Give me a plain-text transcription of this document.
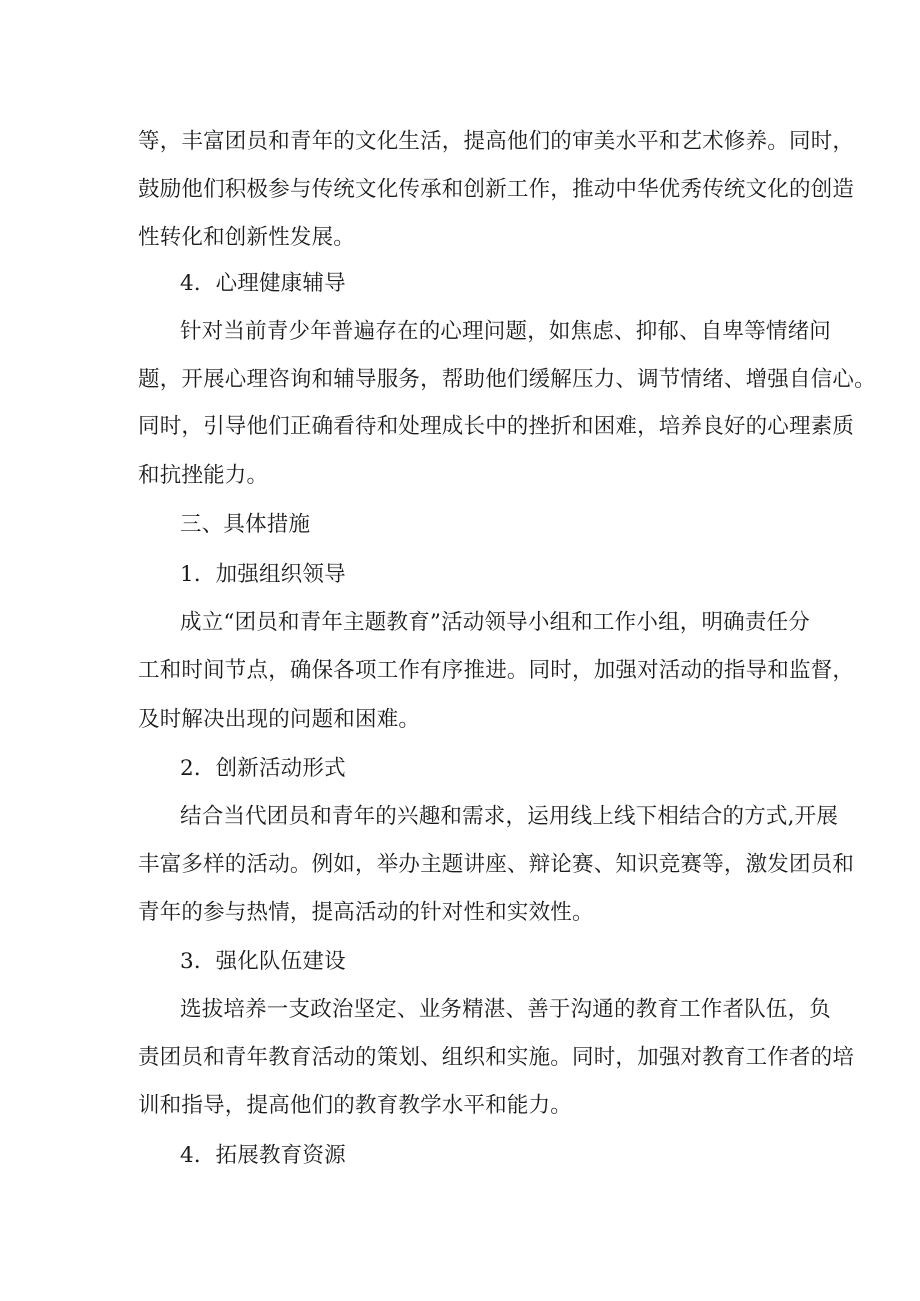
等，丰富团员和青年的文化生活，提高他们的审美水平和艺术修养。同时，
鼓励他们积极参与传统文化传承和创新工作，推动中华优秀传统文化的创造
性转化和创新性发展。
4．心理健康辅导
针对当前青少年普遍存在的心理问题，如焦虑、抑郁、自卑等情绪问
题，开展心理咨询和辅导服务，帮助他们缓解压力、调节情绪、增强自信心。
同时，引导他们正确看待和处理成长中的挫折和困难，培养良好的心理素质
和抗挫能力。
三、具体措施
1．加强组织领导
成立“团员和青年主题教育”活动领导小组和工作小组，明确责任分
工和时间节点，确保各项工作有序推进。同时，加强对活动的指导和监督，
及时解决出现的问题和困难。
2．创新活动形式
结合当代团员和青年的兴趣和需求，运用线上线下相结合的方式,开展
丰富多样的活动。例如，举办主题讲座、辩论赛、知识竞赛等，激发团员和
青年的参与热情，提高活动的针对性和实效性。
3．强化队伍建设
选拔培养一支政治坚定、业务精湛、善于沟通的教育工作者队伍，负
责团员和青年教育活动的策划、组织和实施。同时，加强对教育工作者的培
训和指导，提高他们的教育教学水平和能力。
4．拓展教育资源
